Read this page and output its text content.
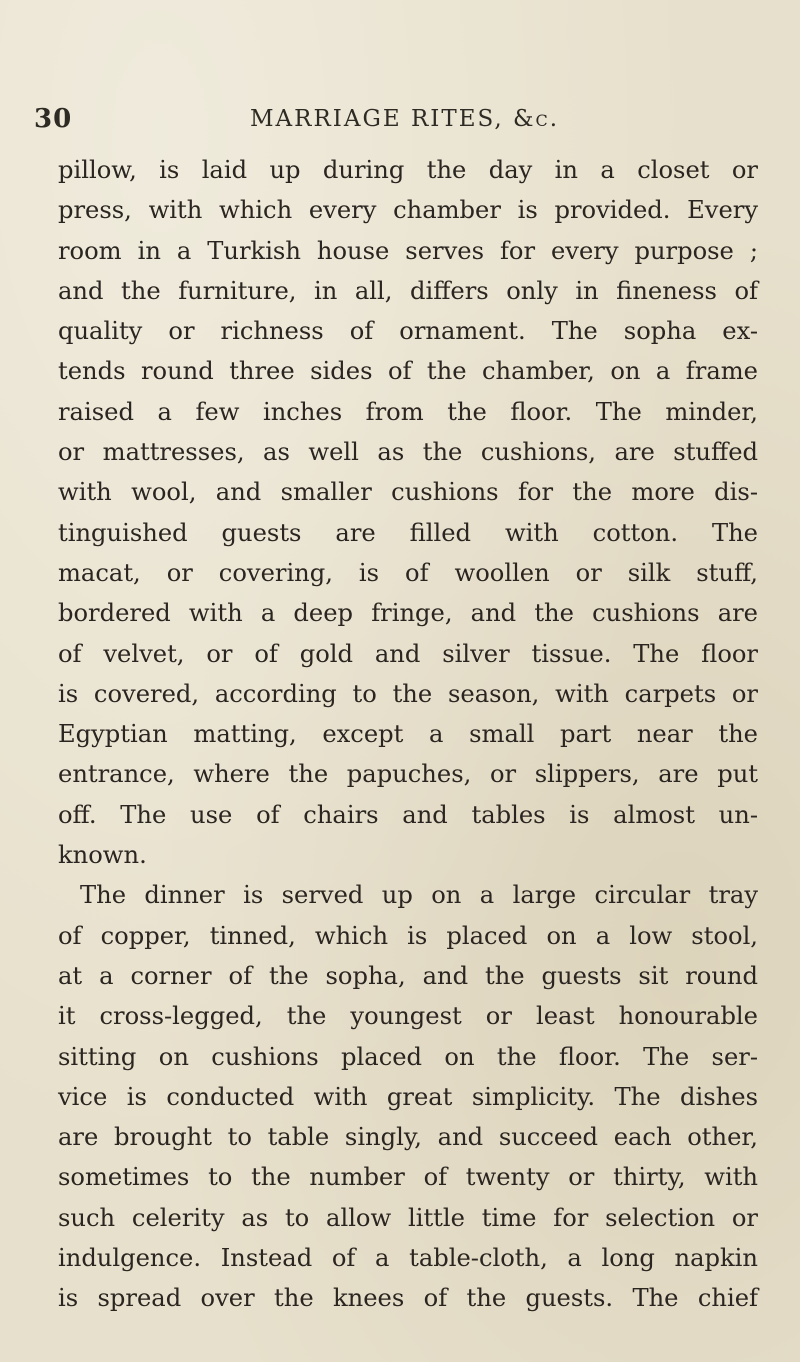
30	MARRIAGE RITES, &c.
pillow, is laid up during the day in a closet or
press, with which every chamber is provided. Every
room in a Turkish house serves for every purpose ;
and the furniture, in all, differs only in fineness of
quality or richness of ornament. The sopha ex-
tends round three sides of the chamber, on a frame
raised a few inches from the floor. The minder,
or mattresses, as well as the cushions, are stuffed
with wool, and smaller cushions for the more dis-
tinguished guests are filled with cotton. The
macat, or covering, is of woollen or silk stuff,
bordered with a deep fringe, and the cushions are
of velvet, or of gold and silver tissue. The floor
is covered, according to the season, with carpets or
Egyptian matting, except a small part near the
entrance, where the papuches, or slippers, are put
off. The use of chairs and tables is almost un-
known.
The dinner is served up on a large circular tray
of copper, tinned, which is placed on a low stool,
at a corner of the sopha, and the guests sit round
it cross-legged, the youngest or least honourable
sitting on cushions placed on the floor. The ser-
vice is conducted with great simplicity. The dishes
are brought to table singly, and succeed each other,
sometimes to the number of twenty or thirty, with
such celerity as to allow little time for selection or
indulgence. Instead of a table-cloth, a long napkin
is spread over the knees of the guests. The chief
